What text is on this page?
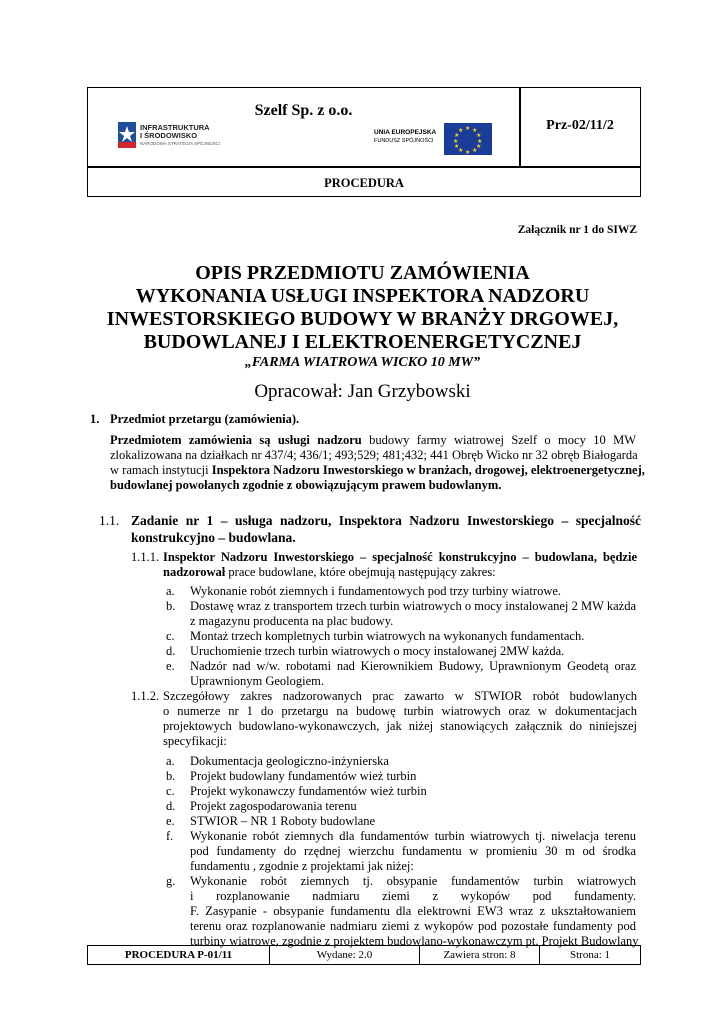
Szelf Sp. z o.o.
Prz-02/11/2
PROCEDURA
INFRASTRUKTURA
I ŚRODOWISKO
NARODOWA STRATEGIA SPÓJNOŚCI
UNIA EUROPEJSKA
FUNDUSZ SPÓJNOŚCI
★ ★
★
★
★
★
★
★
★
★
★
★
Załącznik nr 1 do SIWZ
OPIS PRZEDMIOTU ZAMÓWIENIA
WYKONANIA USŁUGI INSPEKTORA NADZORU
INWESTORSKIEGO BUDOWY W BRANŻY DRGOWEJ,
BUDOWLANEJ I ELEKTROENERGETYCZNEJ
„FARMA WIATROWA WICKO 10 MW”
Opracował: Jan Grzybowski
1. Przedmiot przetargu (zamówienia).
Przedmiotem zamówienia są usługi nadzoru budowy farmy wiatrowej Szelf o mocy 10 MW
zlokalizowana na działkach nr 437/4; 436/1; 493;529; 481;432; 441 Obręb Wicko nr 32 obręb Białogarda
w ramach instytucji Inspektora Nadzoru Inwestorskiego w branżach, drogowej, elektroenergetycznej,
budowlanej powołanych zgodnie z obowiązującym prawem budowlanym.
1.1. Zadanie nr 1 – usługa nadzoru, Inspektora Nadzoru Inwestorskiego – specjalność
konstrukcyjno – budowlana.
1.1.1. Inspektor Nadzoru Inwestorskiego – specjalność konstrukcyjno – budowlana, będzie
nadzorował prace budowlane, które obejmują następujący zakres:
a. Wykonanie robót ziemnych i fundamentowych pod trzy turbiny wiatrowe.
b. Dostawę wraz z transportem trzech turbin wiatrowych o mocy instalowanej 2 MW każda
z magazynu producenta na plac budowy.
c. Montaż trzech kompletnych turbin wiatrowych na wykonanych fundamentach.
d. Uruchomienie trzech turbin wiatrowych o mocy instalowanej 2MW każda.
e. Nadzór nad w/w. robotami nad Kierownikiem Budowy, Uprawnionym Geodetą oraz
Uprawnionym Geologiem.
1.1.2. Szczegółowy zakres nadzorowanych prac zawarto w STWIOR robót budowlanych
o numerze nr 1 do przetargu na budowę turbin wiatrowych oraz w dokumentacjach
projektowych budowlano-wykonawczych, jak niżej stanowiących załącznik do niniejszej
specyfikacji:
a. Dokumentacja geologiczno-inżynierska
b. Projekt budowlany fundamentów wież turbin
c. Projekt wykonawczy fundamentów wież turbin
d. Projekt zagospodarowania terenu
e. STWIOR – NR 1 Roboty budowlane
f. Wykonanie robót ziemnych dla fundamentów turbin wiatrowych tj. niwelacja terenu
pod fundamenty do rzędnej wierzchu fundamentu w promieniu 30 m od środka
fundamentu , zgodnie z projektami jak niżej:
g. Wykonanie robót ziemnych tj. obsypanie fundamentów turbin wiatrowych
i rozplanowanie nadmiaru ziemi z wykopów pod fundamenty.
F. Zasypanie - obsypanie fundamentu dla elektrowni EW3 wraz z ukształtowaniem
terenu oraz rozplanowanie nadmiaru ziemi z wykopów pod pozostałe fundamenty pod
turbiny wiatrowe, zgodnie z projektem budowlano-wykonawczym pt. Projekt Budowlany
PROCEDURA P-01/11	Wydane: 2.0	Zawiera stron: 8	Strona: 1
